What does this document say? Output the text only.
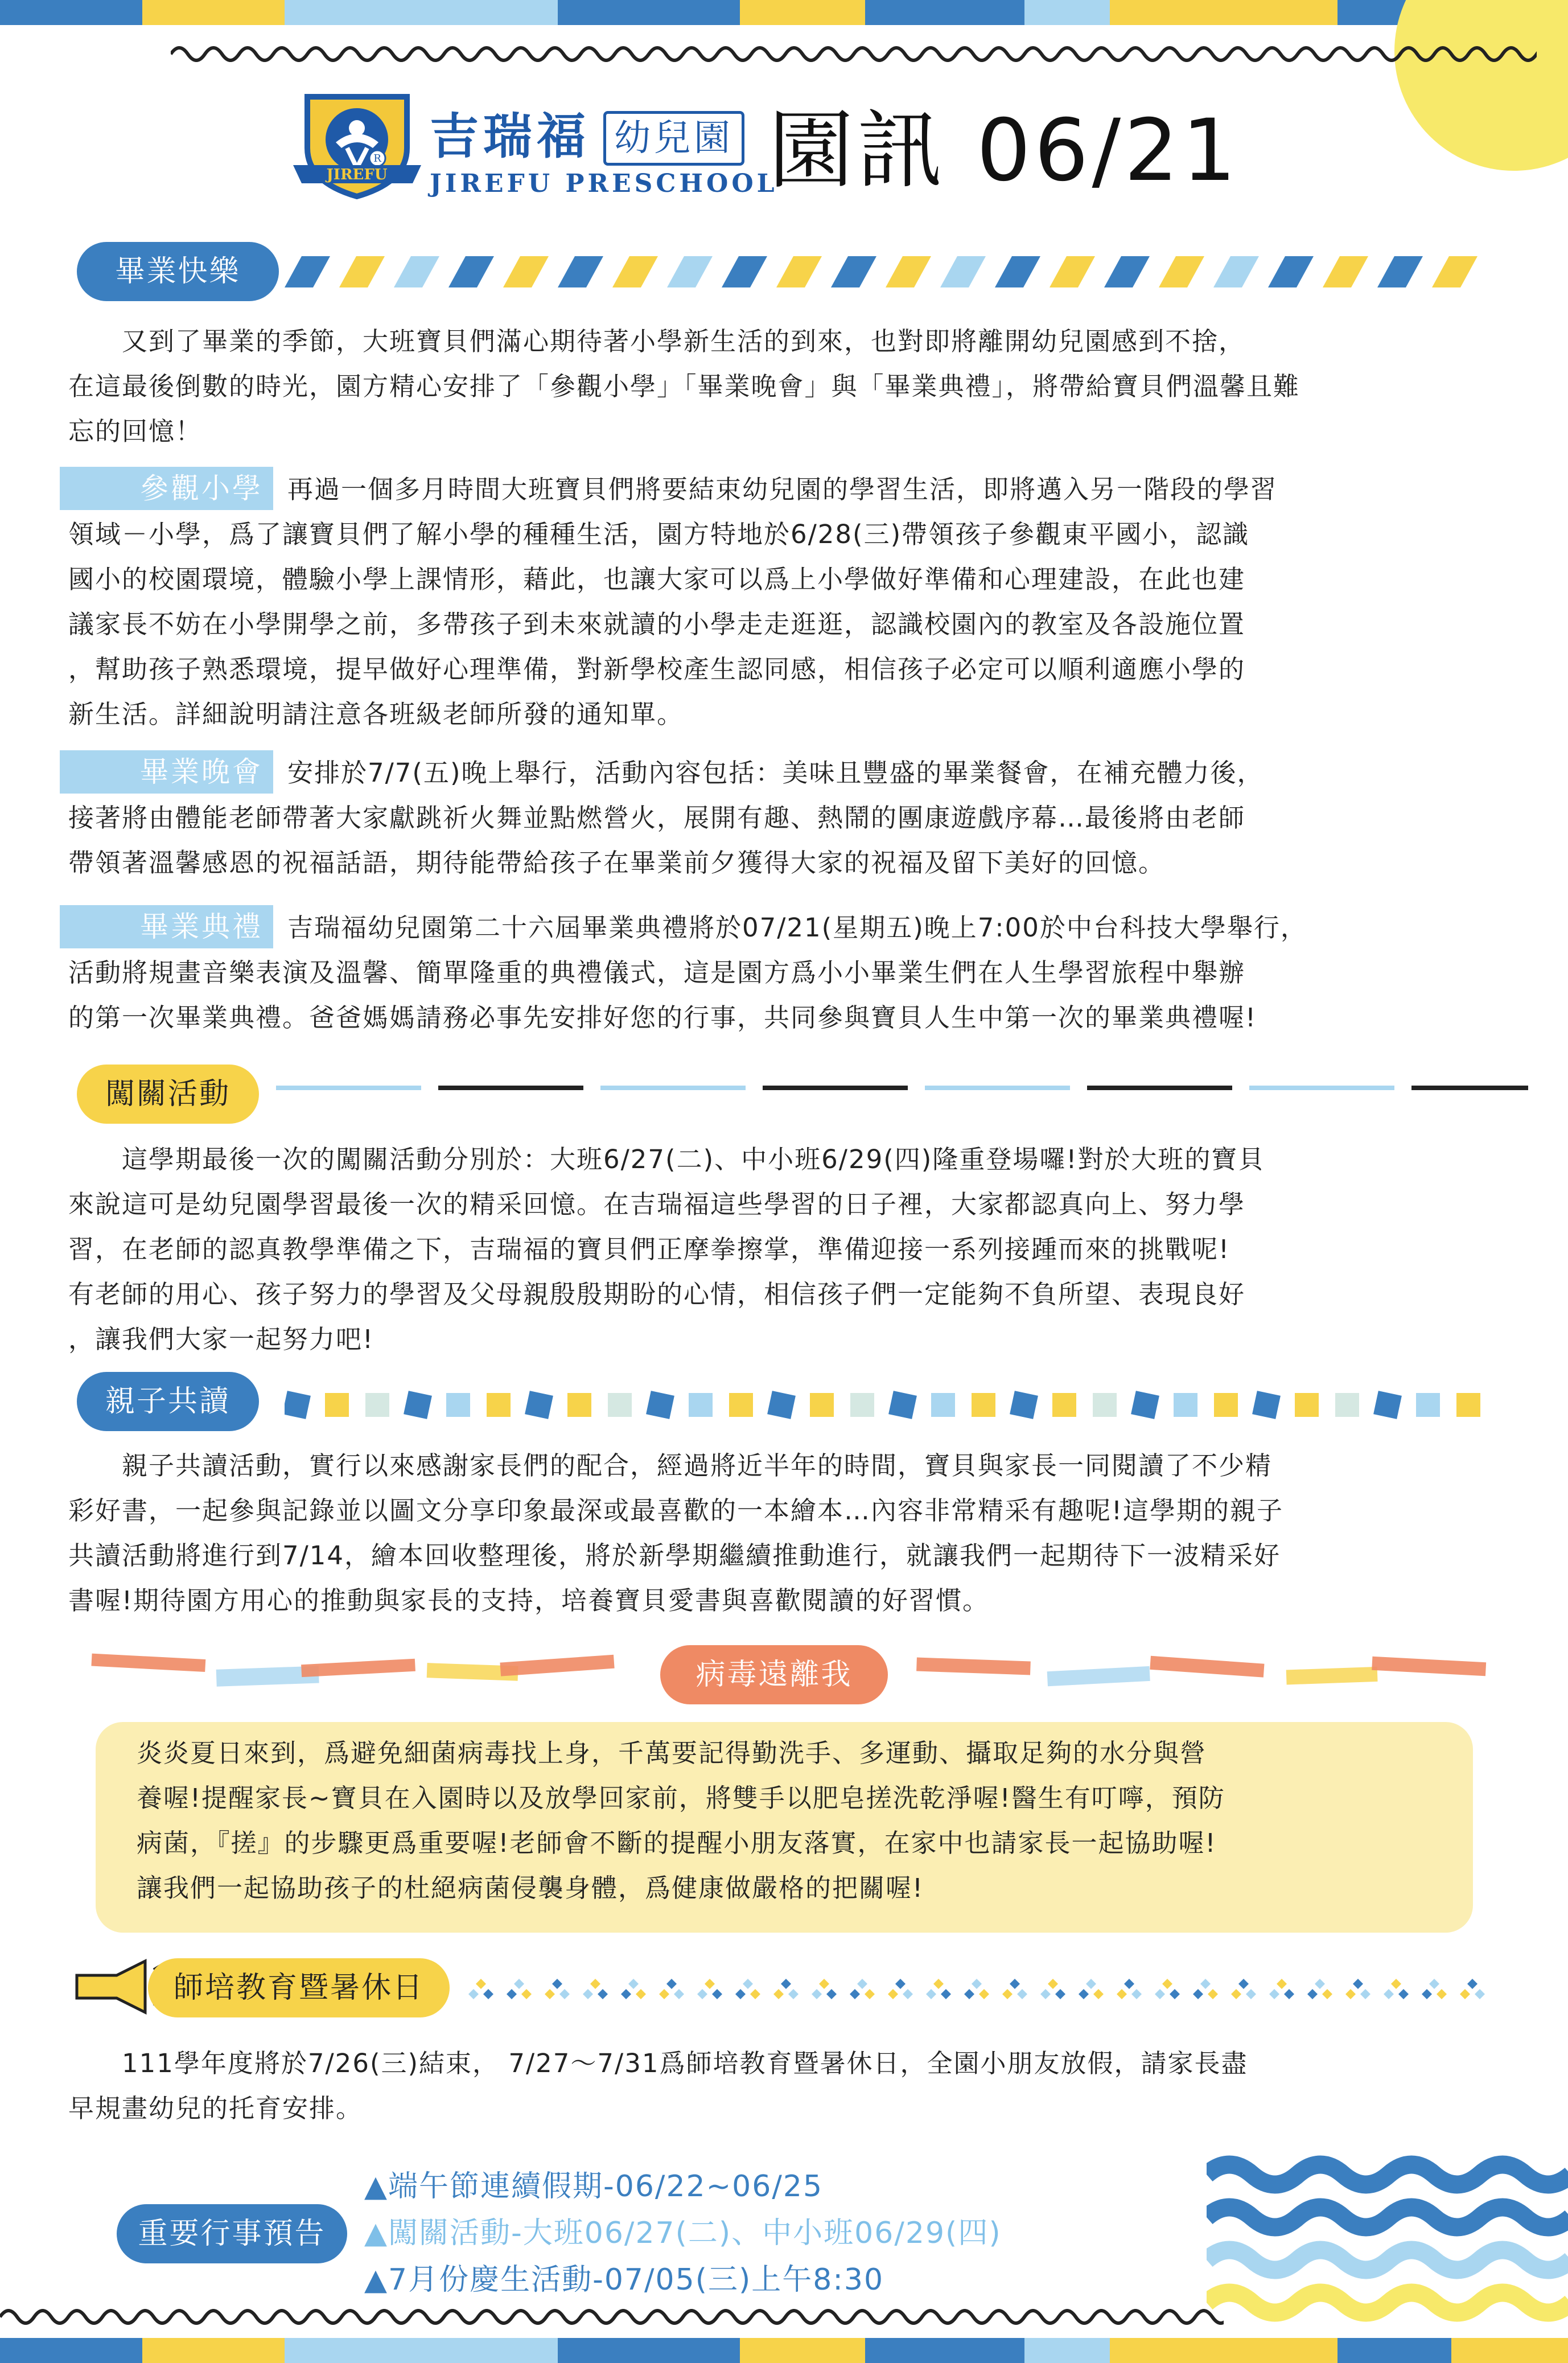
R
JIREFU
吉瑞福 幼兒園
JIREFU PRESCHOOL
園訊 06/21
畢業快樂
　　又到了畢業的季節，大班寶貝們滿心期待著小學新生活的到來，也對即將離開幼兒園感到不捨，
在這最後倒數的時光，園方精心安排了「參觀小學」「畢業晚會」與「畢業典禮」，將帶給寶貝們溫馨且難
忘的回憶！
參觀小學 再過一個多月時間大班寶貝們將要結束幼兒園的學習生活，即將邁入另一階段的學習
領域－小學，爲了讓寶貝們了解小學的種種生活，園方特地於6/28(三)帶領孩子參觀東平國小，認識
國小的校園環境，體驗小學上課情形，藉此，也讓大家可以爲上小學做好準備和心理建設，在此也建
議家長不妨在小學開學之前，多帶孩子到未來就讀的小學走走逛逛，認識校園內的教室及各設施位置
，幫助孩子熟悉環境，提早做好心理準備，對新學校產生認同感，相信孩子必定可以順利適應小學的
新生活。詳細說明請注意各班級老師所發的通知單。
畢業晚會 安排於7/7(五)晚上舉行，活動內容包括：美味且豐盛的畢業餐會，在補充體力後，
接著將由體能老師帶著大家獻跳祈火舞並點燃營火，展開有趣、熱鬧的團康遊戲序幕…最後將由老師
帶領著溫馨感恩的祝福話語，期待能帶給孩子在畢業前夕獲得大家的祝福及留下美好的回憶。
畢業典禮 吉瑞福幼兒園第二十六屆畢業典禮將於07/21(星期五)晚上7:00於中台科技大學舉行，
活動將規畫音樂表演及溫馨、簡單隆重的典禮儀式，這是園方爲小小畢業生們在人生學習旅程中舉辦
的第一次畢業典禮。爸爸媽媽請務必事先安排好您的行事，共同參與寶貝人生中第一次的畢業典禮喔!
闖關活動
　　這學期最後一次的闖關活動分別於：大班6/27(二)、中小班6/29(四)隆重登場囉!對於大班的寶貝
來說這可是幼兒園學習最後一次的精采回憶。在吉瑞福這些學習的日子裡，大家都認真向上、努力學
習，在老師的認真教學準備之下，吉瑞福的寶貝們正摩拳擦掌，準備迎接一系列接踵而來的挑戰呢!
有老師的用心、孩子努力的學習及父母親殷殷期盼的心情，相信孩子們一定能夠不負所望、表現良好
，讓我們大家一起努力吧!
親子共讀
　　親子共讀活動，實行以來感謝家長們的配合，經過將近半年的時間，寶貝與家長一同閱讀了不少精
彩好書，一起參與記錄並以圖文分享印象最深或最喜歡的一本繪本…內容非常精采有趣呢!這學期的親子
共讀活動將進行到7/14，繪本回收整理後，將於新學期繼續推動進行，就讓我們一起期待下一波精采好
書喔!期待園方用心的推動與家長的支持，培養寶貝愛書與喜歡閱讀的好習慣。
病毒遠離我
炎炎夏日來到，爲避免細菌病毒找上身，千萬要記得勤洗手、多運動、攝取足夠的水分與營
養喔!提醒家長~寶貝在入園時以及放學回家前，將雙手以肥皂搓洗乾淨喔!醫生有叮嚀，預防
病菌，『搓』的步驟更爲重要喔!老師會不斷的提醒小朋友落實，在家中也請家長一起協助喔!
讓我們一起協助孩子的杜絕病菌侵襲身體，爲健康做嚴格的把關喔!
師培教育暨暑休日
　　111學年度將於7/26(三)結束， 7/27～7/31爲師培教育暨暑休日，全園小朋友放假，請家長盡
早規畫幼兒的托育安排。
重要行事預告
▲端午節連續假期-06/22~06/25
▲闖關活動-大班06/27(二)、中小班06/29(四)
▲7月份慶生活動-07/05(三)上午8:30
